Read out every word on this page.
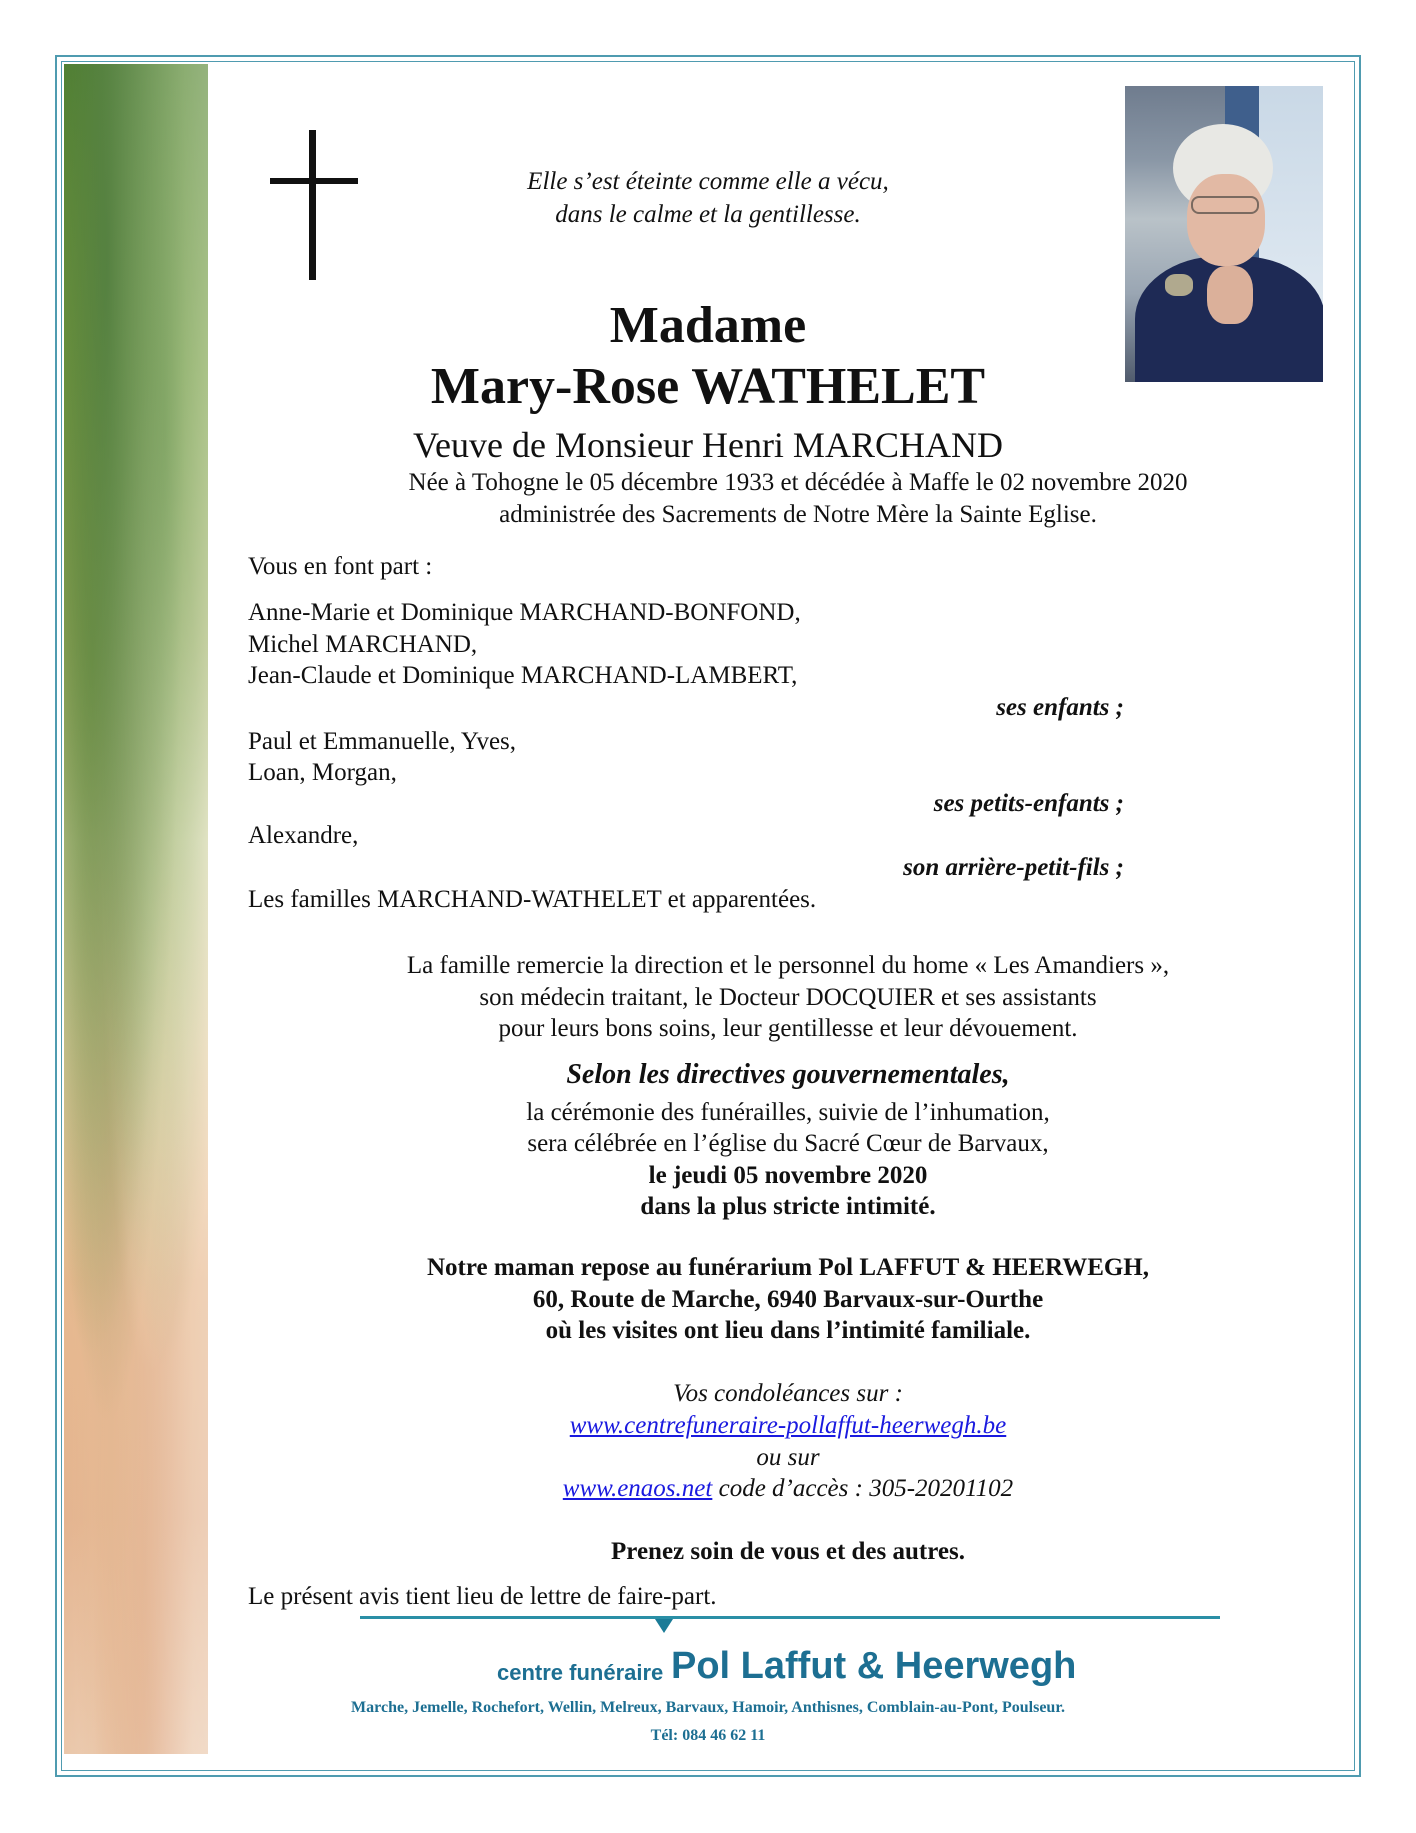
Elle s’est éteinte comme elle a vécu,
dans le calme et la gentillesse.
Madame
Mary-Rose WATHELET
Veuve de Monsieur Henri MARCHAND
Née à Tohogne le 05 décembre 1933 et décédée à Maffe le 02 novembre 2020
administrée des Sacrements de Notre Mère la Sainte Eglise.
Vous en font part :
Anne-Marie et Dominique MARCHAND-BONFOND,
Michel MARCHAND,
Jean-Claude et Dominique MARCHAND-LAMBERT,
ses enfants ;
Paul et Emmanuelle, Yves,
Loan, Morgan,
ses petits-enfants ;
Alexandre,
son arrière-petit-fils ;
Les familles MARCHAND-WATHELET et apparentées.
La famille remercie la direction et le personnel du home « Les Amandiers »,
son médecin traitant, le Docteur DOCQUIER et ses assistants
pour leurs bons soins, leur gentillesse et leur dévouement.
Selon les directives gouvernementales,
la cérémonie des funérailles, suivie de l’inhumation,
sera célébrée en l’église du Sacré Cœur de Barvaux,
le jeudi 05 novembre 2020
dans la plus stricte intimité.
Notre maman repose au funérarium Pol LAFFUT & HEERWEGH,
60, Route de Marche, 6940 Barvaux-sur-Ourthe
où les visites ont lieu dans l’intimité familiale.
Vos condoléances sur :
www.centrefuneraire-pollaffut-heerwegh.be
ou sur
www.enaos.net code d’accès : 305-20201102
Prenez soin de vous et des autres.
Le présent avis tient lieu de lettre de faire-part.
centre funéraire Pol Laffut & Heerwegh
Marche, Jemelle, Rochefort, Wellin, Melreux, Barvaux, Hamoir, Anthisnes, Comblain-au-Pont, Poulseur.
Tél: 084 46 62 11
